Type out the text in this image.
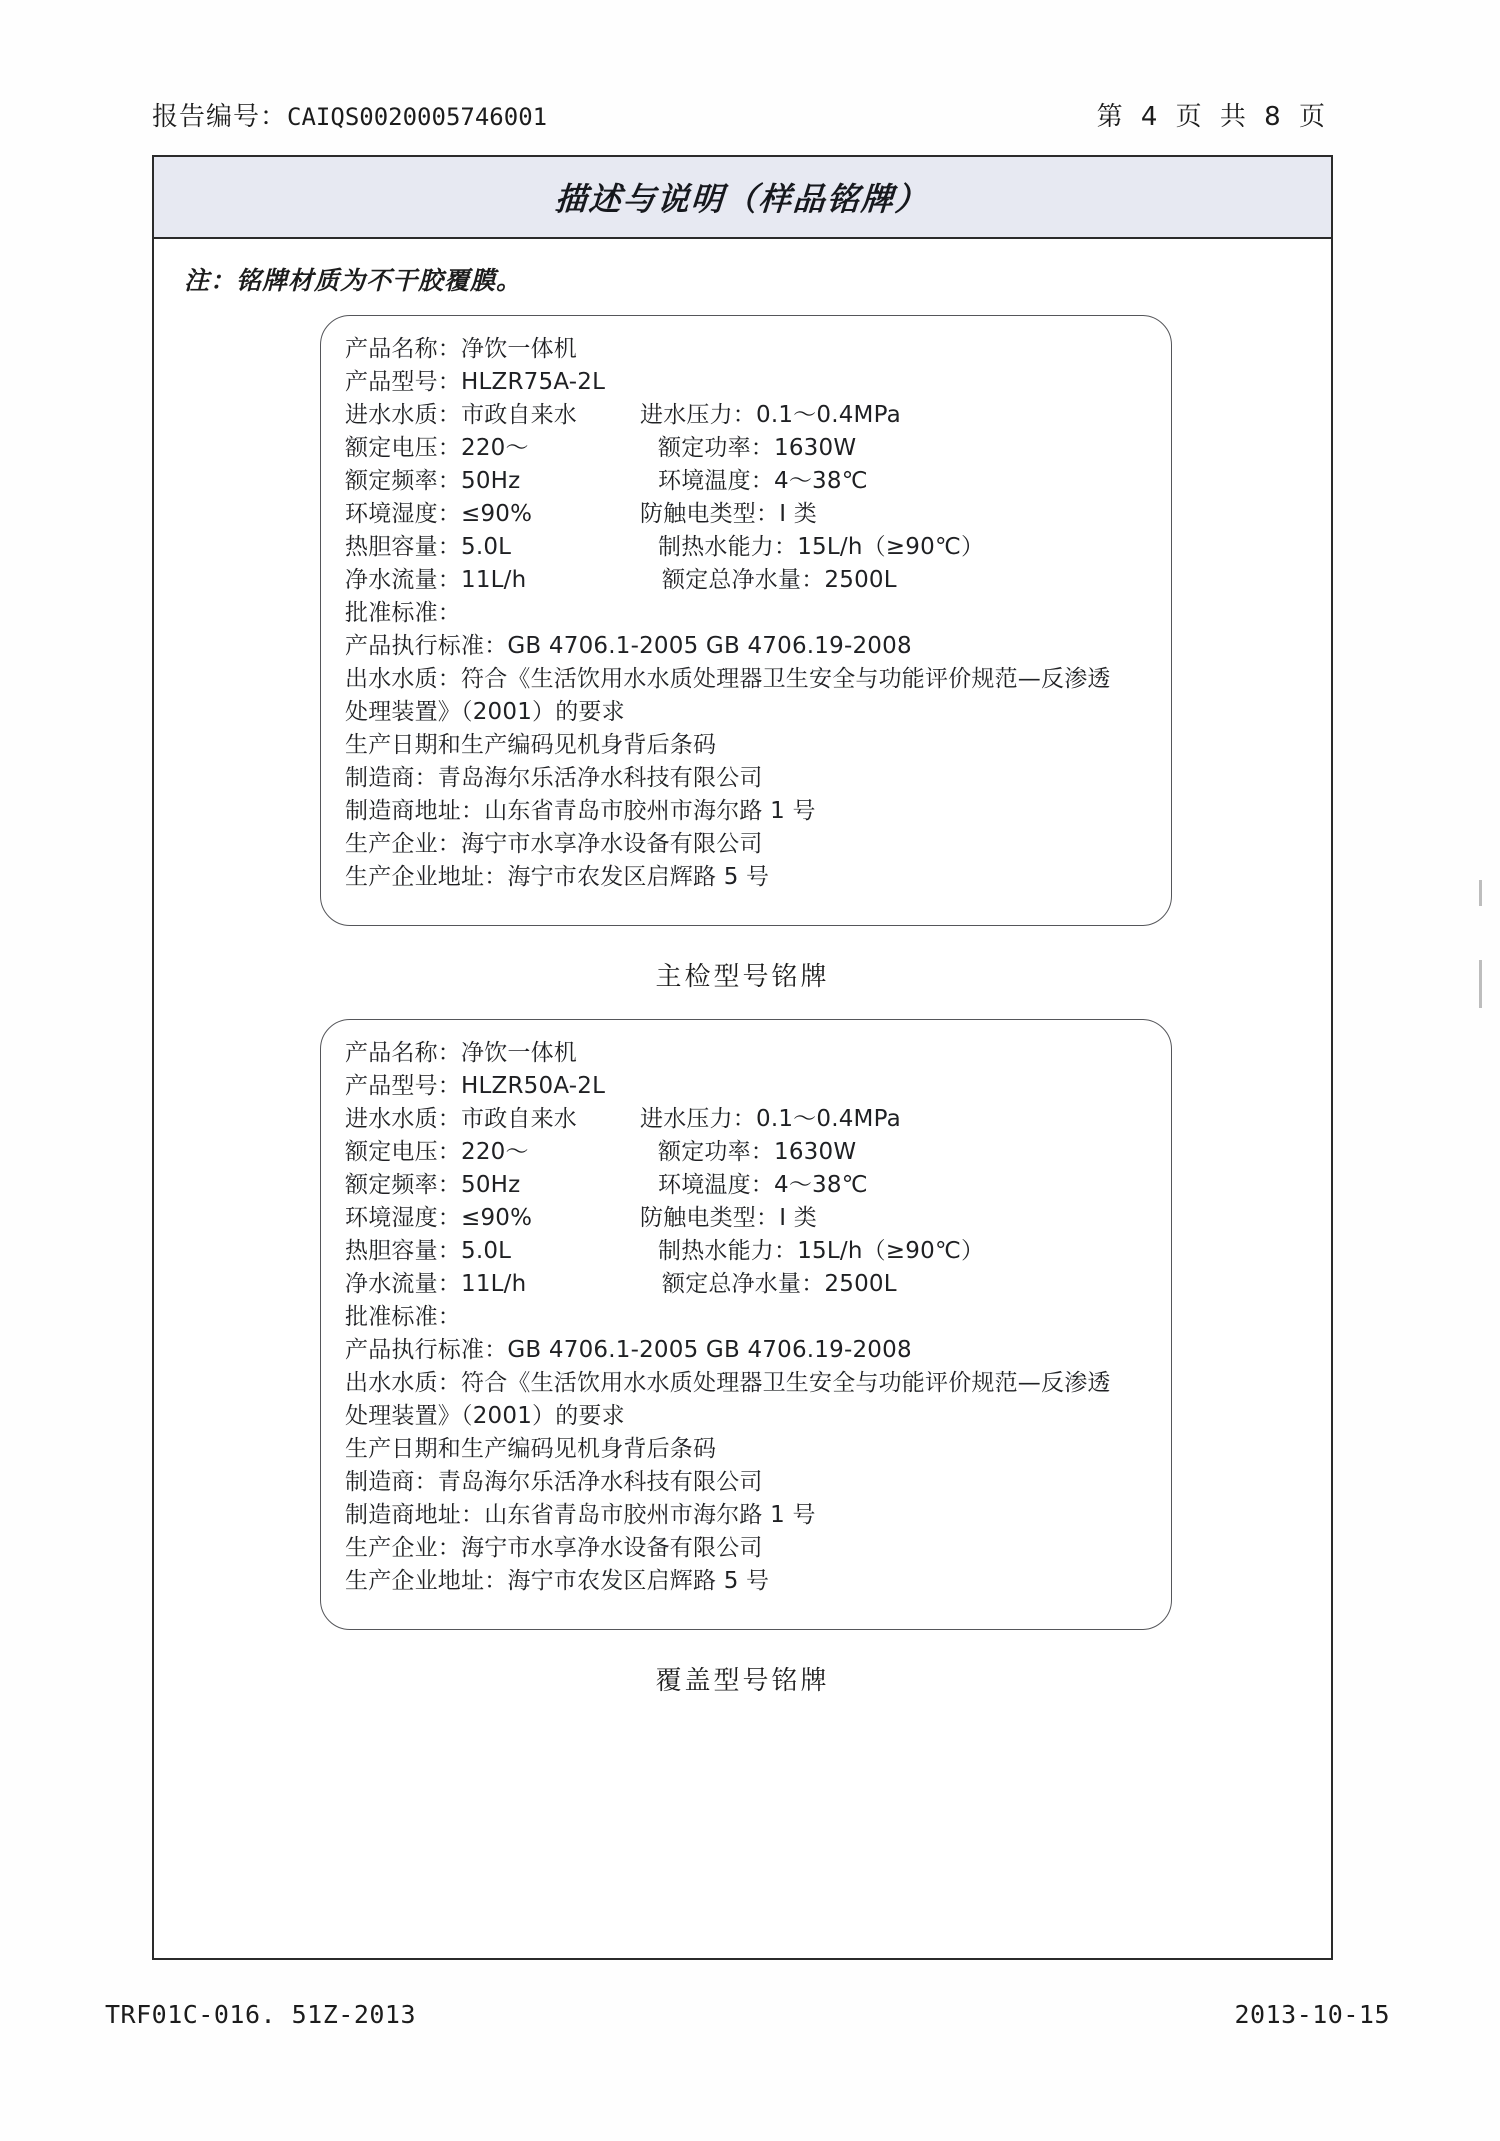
报告编号：CAIQS0020005746001	第 4 页 共 8 页
描述与说明（样品铭牌）
注：铭牌材质为不干胶覆膜。
产品名称：净饮一体机
产品型号：HLZR75A-2L
进水水质：市政自来水	进水压力：0.1～0.4MPa
额定电压：220～	额定功率：1630W
额定频率：50Hz	环境温度：4～38℃
环境湿度：≤90%	防触电类型：I 类
热胆容量：5.0L	制热水能力：15L/h（≥90℃）
净水流量：11L/h	额定总净水量：2500L
批准标准：
产品执行标准：GB 4706.1-2005 GB 4706.19-2008
出水水质：符合《生活饮用水水质处理器卫生安全与功能评价规范—反渗透
处理装置》（2001）的要求
生产日期和生产编码见机身背后条码
制造商：青岛海尔乐活净水科技有限公司
制造商地址：山东省青岛市胶州市海尔路 1 号
生产企业：海宁市水享净水设备有限公司
生产企业地址：海宁市农发区启辉路 5 号
主检型号铭牌
产品名称：净饮一体机
产品型号：HLZR50A-2L
进水水质：市政自来水	进水压力：0.1～0.4MPa
额定电压：220～	额定功率：1630W
额定频率：50Hz	环境温度：4～38℃
环境湿度：≤90%	防触电类型：I 类
热胆容量：5.0L	制热水能力：15L/h（≥90℃）
净水流量：11L/h	额定总净水量：2500L
批准标准：
产品执行标准：GB 4706.1-2005 GB 4706.19-2008
出水水质：符合《生活饮用水水质处理器卫生安全与功能评价规范—反渗透
处理装置》（2001）的要求
生产日期和生产编码见机身背后条码
制造商：青岛海尔乐活净水科技有限公司
制造商地址：山东省青岛市胶州市海尔路 1 号
生产企业：海宁市水享净水设备有限公司
生产企业地址：海宁市农发区启辉路 5 号
覆盖型号铭牌
TRF01C-016. 51Z-2013	2013-10-15
